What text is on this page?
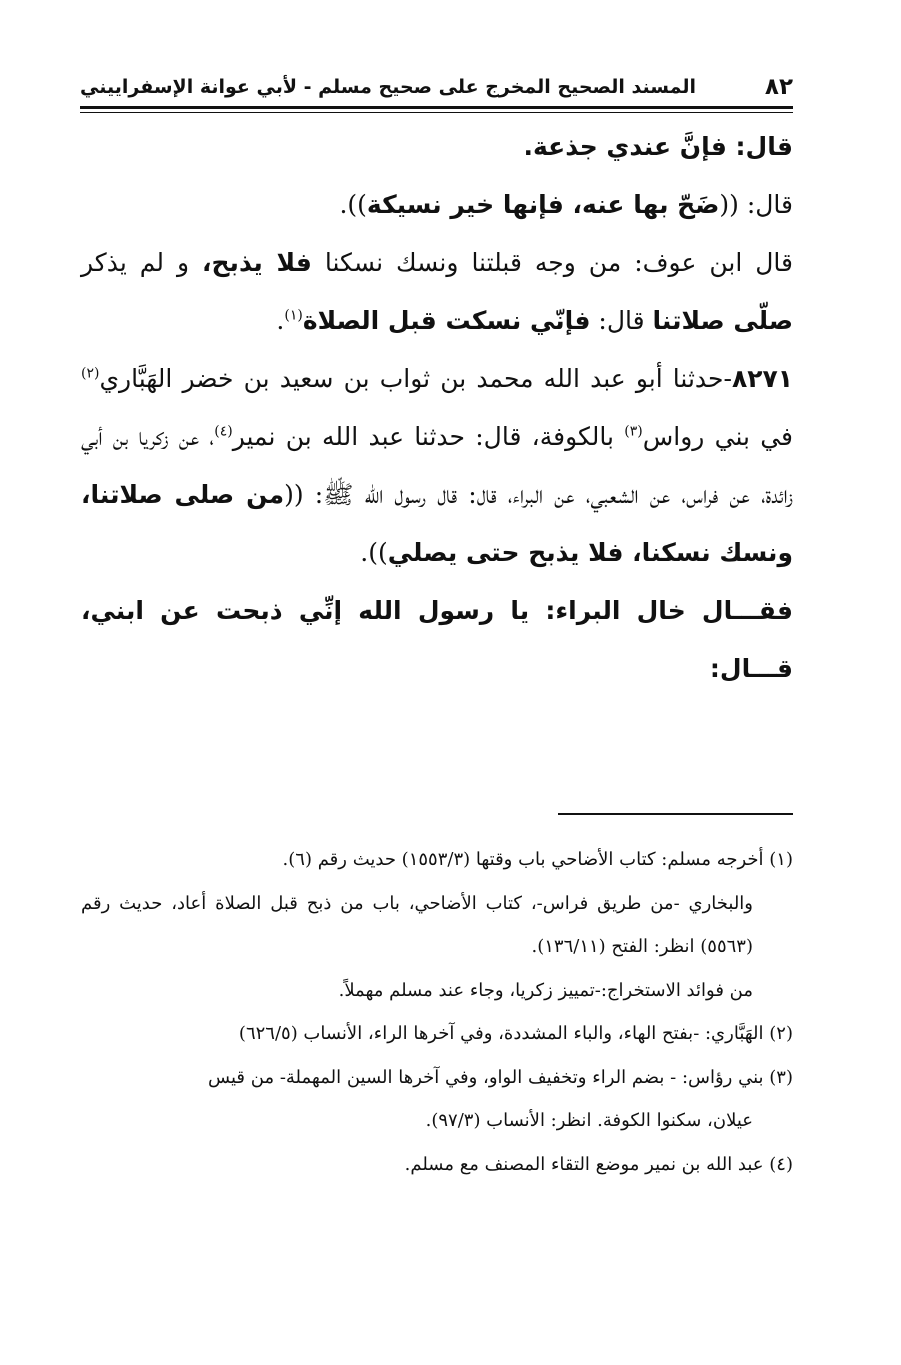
٨٢
المسند الصحيح المخرج على صحيح مسلم - لأبي عوانة الإسفراييني

قال: فإنَّ عندي جذعة.

قال: ((ضَحّ بها عنه، فإنها خير نسيكة)).

قال ابن عوف: من وجه قبلتنا ونسك نسكنا فلا يذبح، و لم يذكر صلّى صلاتنا قال: فإنّي نسكت قبل الصلاة$^{(١)}$.

٨٢٧١-حدثنا أبو عبد الله محمد بن ثواب بن سعيد بن خضر الهَبَّاري$^{(٢)}$ في بني رواس$^{(٣)}$ بالكوفة، قال: حدثنا عبد الله بن نمير$^{(٤)}$، عن زكريا بن أبي زائدة، عن فراس، عن الشعبي، عن البراء، قال: قال رسول الله ﷺ: ((من صلى صلاتنا، ونسك نسكنا، فلا يذبح حتى يصلي)).

فقـــال خال البراء: يا رسول الله إنِّي ذبحت عن ابني، قـــال:

(١) أخرجه مسلم: كتاب الأضاحي باب وقتها (١٥٥٣/٣) حديث رقم (٦).

والبخاري -من طريق فراس-، كتاب الأضاحي، باب من ذبح قبل الصلاة أعاد، حديث رقم (٥٥٦٣) انظر: الفتح (١٣٦/١١).

من فوائد الاستخراج:-تمييز زكريا، وجاء عند مسلم مهملاً.

(٢) الهَبَّاري: -بفتح الهاء، والباء المشددة، وفي آخرها الراء، الأنساب (٦٢٦/٥)

(٣) بني رؤاس: - بضم الراء وتخفيف الواو، وفي آخرها السين المهملة- من قيس

عيلان، سكنوا الكوفة. انظر: الأنساب (٩٧/٣).

(٤) عبد الله بن نمير موضع التقاء المصنف مع مسلم.
